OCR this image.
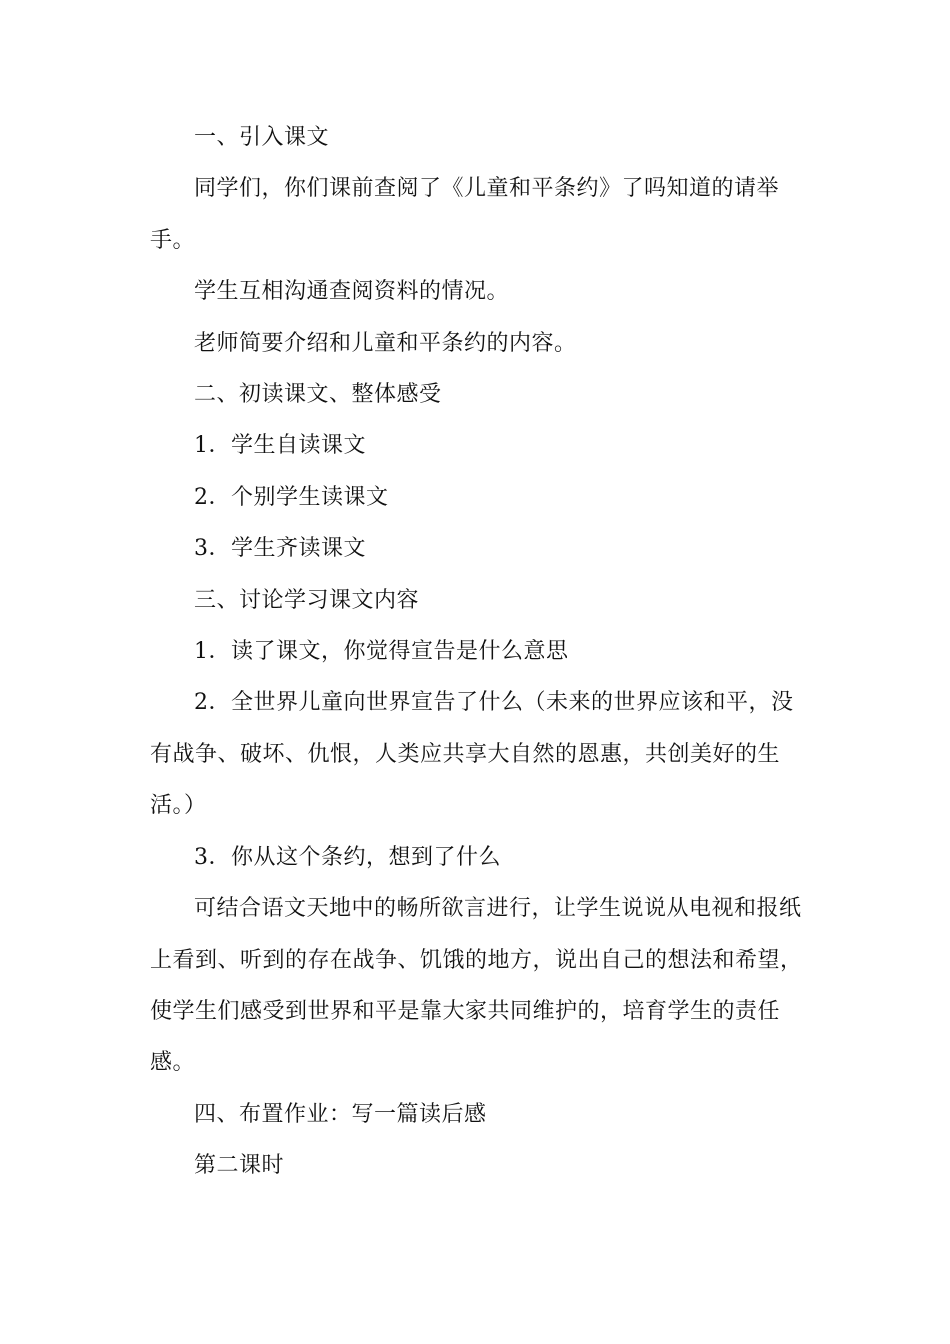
一、引入课文

同学们，你们课前查阅了《儿童和平条约》了吗知道的请举手。

学生互相沟通查阅资料的情况。

老师简要介绍和儿童和平条约的内容。

二、初读课文、整体感受

1．学生自读课文

2．个别学生读课文

3．学生齐读课文

三、讨论学习课文内容

1．读了课文，你觉得宣告是什么意思

2．全世界儿童向世界宣告了什么（未来的世界应该和平，没有战争、破坏、仇恨，人类应共享大自然的恩惠，共创美好的生活。）

3．你从这个条约，想到了什么

可结合语文天地中的畅所欲言进行，让学生说说从电视和报纸上看到、听到的存在战争、饥饿的地方，说出自己的想法和希望，使学生们感受到世界和平是靠大家共同维护的，培育学生的责任感。

四、布置作业：写一篇读后感

第二课时
